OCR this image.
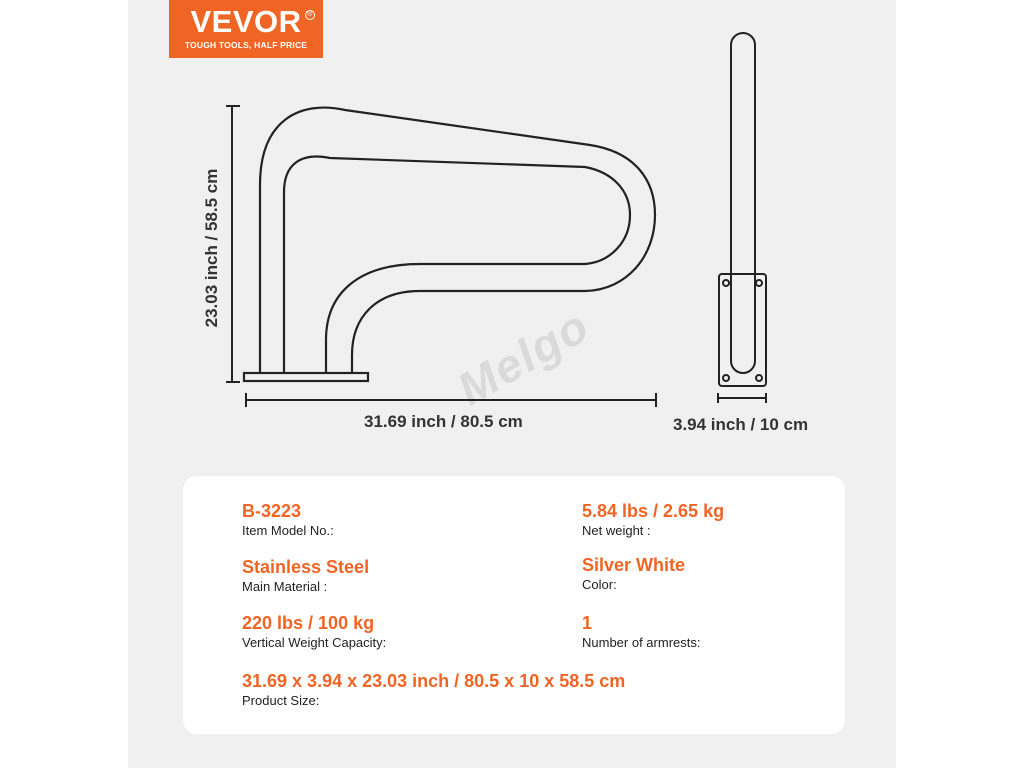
VEVOR ®
TOUGH TOOLS, HALF PRICE
Melgo
23.03 inch / 58.5 cm
31.69 inch / 80.5 cm	3.94 inch / 10 cm
B-3223
Item Model No.:
5.84 lbs / 2.65 kg
Net weight :
Stainless Steel
Main Material :
Silver White
Color:
220 lbs / 100 kg
Vertical Weight Capacity:
1
Number of armrests:
31.69 x 3.94 x 23.03 inch / 80.5 x 10 x 58.5 cm
Product Size:
